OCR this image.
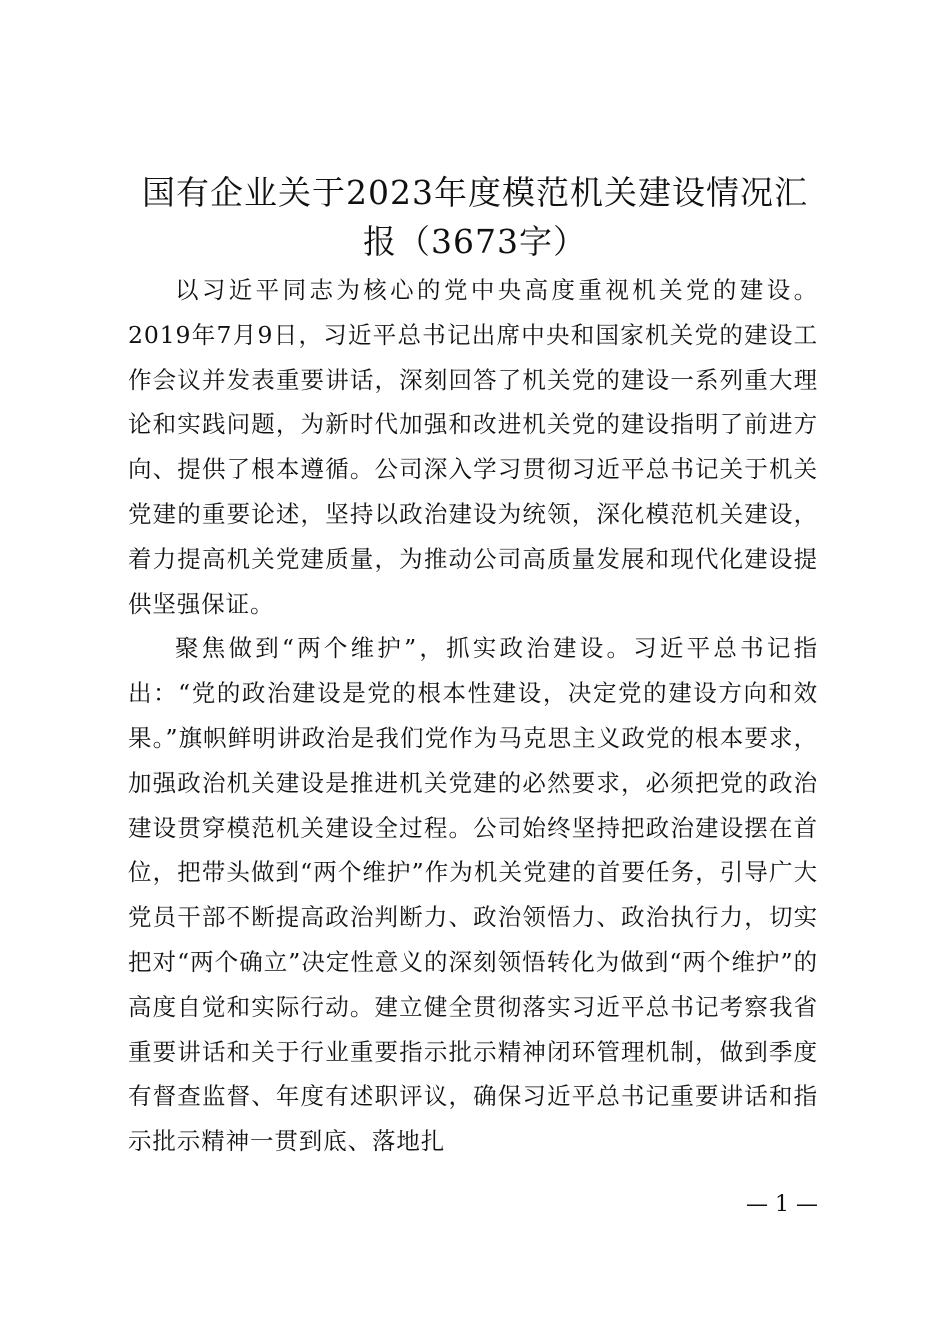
国有企业关于2023年度模范机关建设情况汇
报（3673字）

以习近平同志为核心的党中央高度重视机关党的建设。2019年7月9日，习近平总书记出席中央和国家机关党的建设工作会议并发表重要讲话，深刻回答了机关党的建设一系列重大理论和实践问题，为新时代加强和改进机关党的建设指明了前进方向、提供了根本遵循。公司深入学习贯彻习近平总书记关于机关党建的重要论述，坚持以政治建设为统领，深化模范机关建设，着力提高机关党建质量，为推动公司高质量发展和现代化建设提供坚强保证。

聚焦做到“两个维护”，抓实政治建设。习近平总书记指出：“党的政治建设是党的根本性建设，决定党的建设方向和效果。”旗帜鲜明讲政治是我们党作为马克思主义政党的根本要求，加强政治机关建设是推进机关党建的必然要求，必须把党的政治建设贯穿模范机关建设全过程。公司始终坚持把政治建设摆在首位，把带头做到“两个维护”作为机关党建的首要任务，引导广大党员干部不断提高政治判断力、政治领悟力、政治执行力，切实把对“两个确立”决定性意义的深刻领悟转化为做到“两个维护”的高度自觉和实际行动。建立健全贯彻落实习近平总书记考察我省重要讲话和关于行业重要指示批示精神闭环管理机制，做到季度有督查监督、年度有述职评议，确保习近平总书记重要讲话和指示批示精神一贯到底、落地扎

— 1 —
